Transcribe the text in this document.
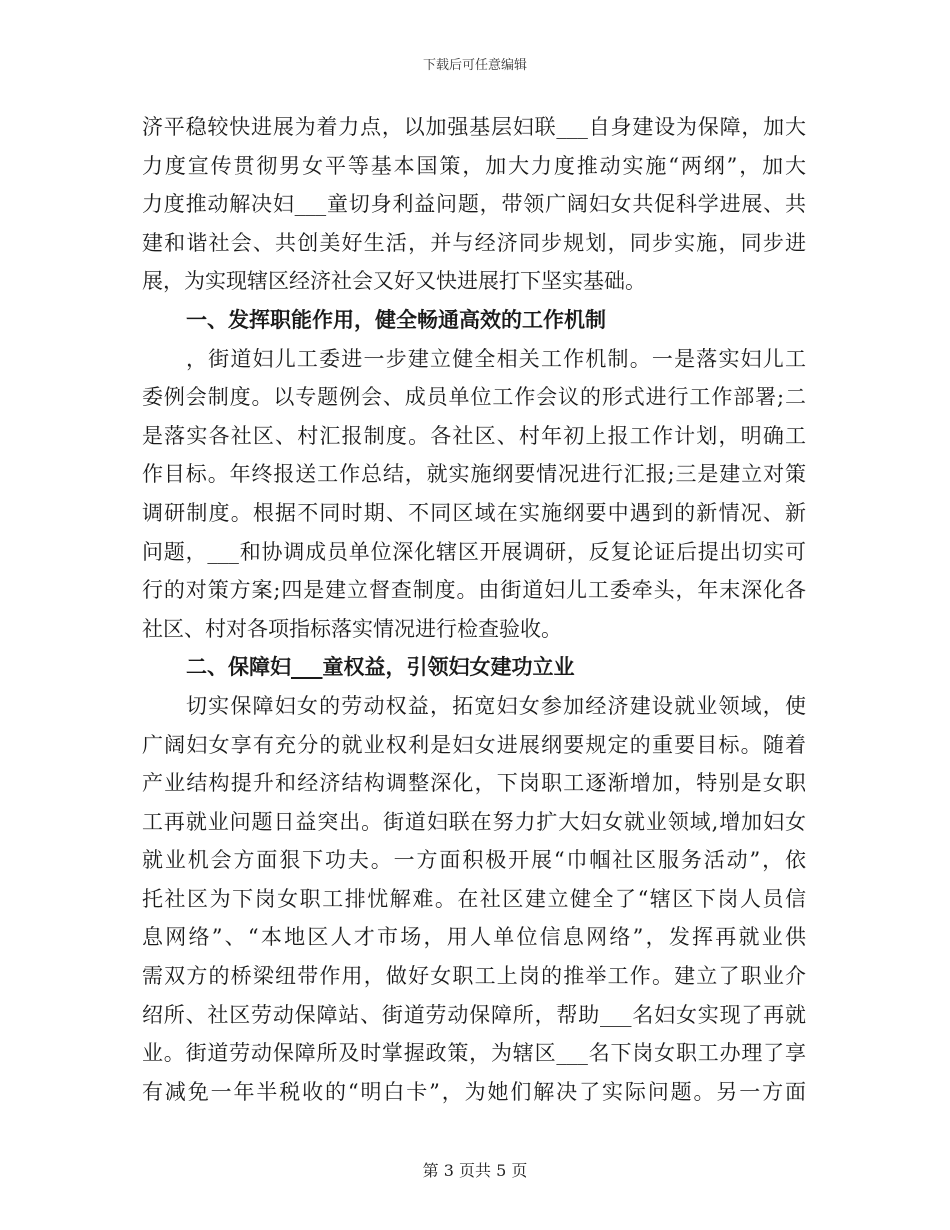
下载后可任意编辑
济平稳较快进展为着力点，以加强基层妇联___自身建设为保障，加大
力度宣传贯彻男女平等基本国策，加大力度推动实施“两纲”，加大
力度推动解决妇___童切身利益问题，带领广阔妇女共促科学进展、共
建和谐社会、共创美好生活，并与经济同步规划，同步实施，同步进
展，为实现辖区经济社会又好又快进展打下坚实基础。
一、发挥职能作用，健全畅通高效的工作机制
，街道妇儿工委进一步建立健全相关工作机制。一是落实妇儿工
委例会制度。以专题例会、成员单位工作会议的形式进行工作部署;二
是落实各社区、村汇报制度。各社区、村年初上报工作计划，明确工
作目标。年终报送工作总结，就实施纲要情况进行汇报;三是建立对策
调研制度。根据不同时期、不同区域在实施纲要中遇到的新情况、新
问题，___和协调成员单位深化辖区开展调研，反复论证后提出切实可
行的对策方案;四是建立督查制度。由街道妇儿工委牵头，年末深化各
社区、村对各项指标落实情况进行检查验收。
二、保障妇___童权益，引领妇女建功立业
切实保障妇女的劳动权益，拓宽妇女参加经济建设就业领域，使
广阔妇女享有充分的就业权利是妇女进展纲要规定的重要目标。随着
产业结构提升和经济结构调整深化，下岗职工逐渐增加，特别是女职
工再就业问题日益突出。街道妇联在努力扩大妇女就业领域,增加妇女
就业机会方面狠下功夫。一方面积极开展“巾帼社区服务活动”，依
托社区为下岗女职工排忧解难。在社区建立健全了“辖区下岗人员信
息网络”、“本地区人才市场，用人单位信息网络”，发挥再就业供
需双方的桥梁纽带作用，做好女职工上岗的推举工作。建立了职业介
绍所、社区劳动保障站、街道劳动保障所，帮助___名妇女实现了再就
业。街道劳动保障所及时掌握政策，为辖区___名下岗女职工办理了享
有减免一年半税收的“明白卡”，为她们解决了实际问题。另一方面
第 3 页共 5 页
